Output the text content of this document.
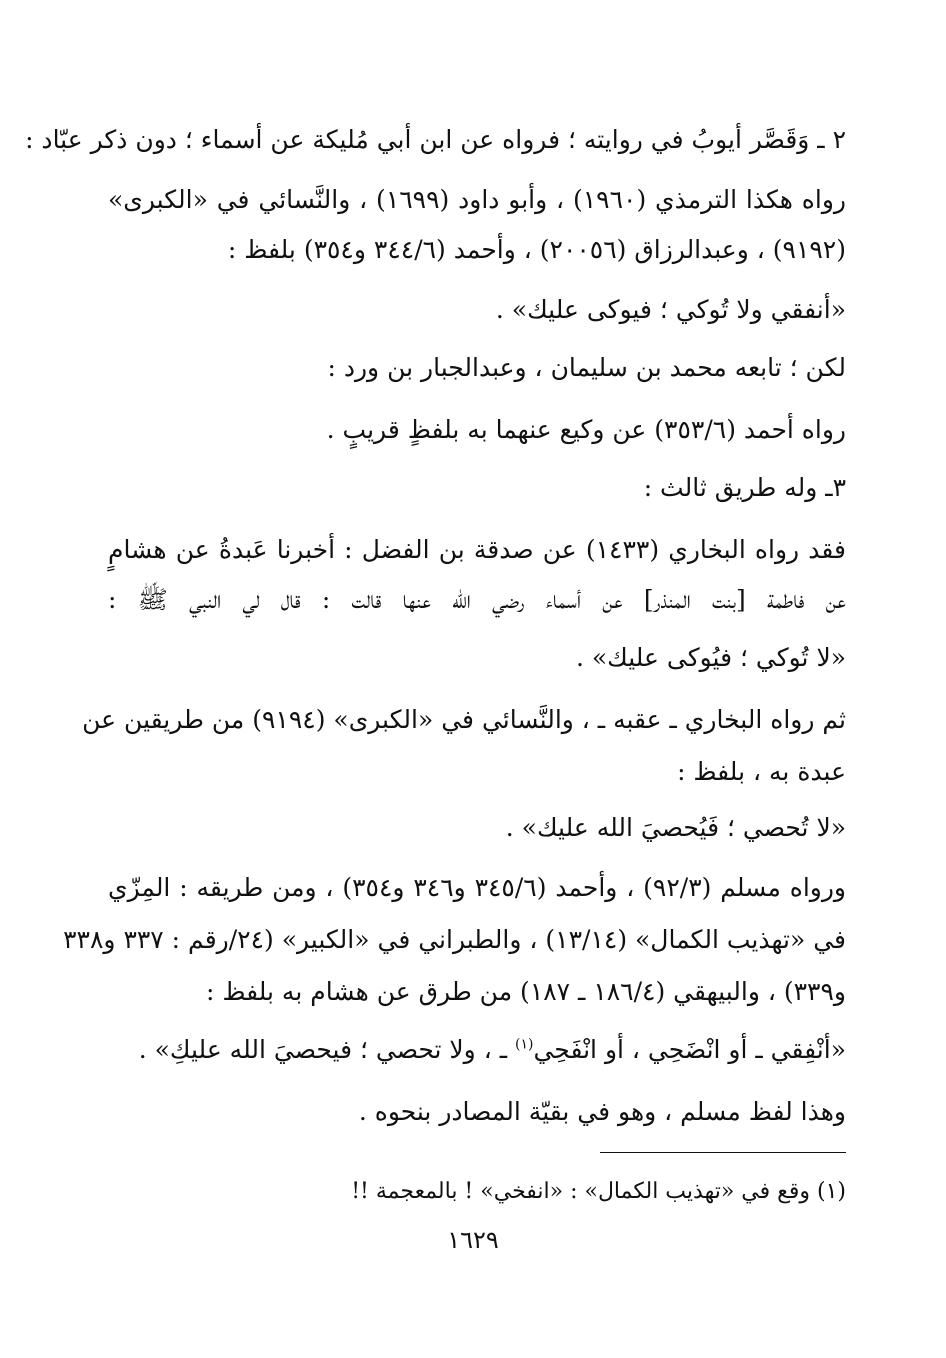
٢ ـ وَقَصَّر أيوبُ في روايته ؛ فرواه عن ابن أبي مُليكة عن أسماء ؛ دون ذكر عبّاد :
رواه هكذا الترمذي (١٩٦٠) ، وأبو داود (١٦٩٩) ، والنَّسائي في «الكبرى»
(٩١٩٢) ، وعبدالرزاق (٢٠٠٥٦) ، وأحمد (٣٤٤/٦ و٣٥٤) بلفظ :
«أنفقي ولا تُوكي ؛ فيوكى عليك» .
لكن ؛ تابعه محمد بن سليمان ، وعبدالجبار بن ورد :
رواه أحمد (٣٥٣/٦) عن وكيع عنهما به بلفظٍ قريبٍ .
٣ـ وله طريق ثالث :
فقد رواه البخاري (١٤٣٣) عن صدقة بن الفضل : أخبرنا عَبدةُ عن هشامٍ
عن فاطمة [بنت المنذر] عن أسماء رضي الله عنها قالت : قال لي النبي ﷺ :
«لا تُوكي ؛ فيُوكى عليك» .
ثم رواه البخاري ـ عقبه ـ ، والنَّسائي في «الكبرى» (٩١٩٤) من طريقين عن
عبدة به ، بلفظ :
«لا تُحصي ؛ فَيُحصيَ الله عليك» .
ورواه مسلم (٩٢/٣) ، وأحمد (٣٤٥/٦ و٣٤٦ و٣٥٤) ، ومن طريقه : المِزّي
في «تهذيب الكمال» (١٣/١٤) ، والطبراني في «الكبير» (٢٤/رقم : ٣٣٧ و٣٣٨
و٣٣٩) ، والبيهقي (١٨٦/٤ ـ ١٨٧) من طرق عن هشام به بلفظ :
«أنْفِقي ـ أو انْضَحِي ، أو انْفَحِي$^{(١)}$ ـ ، ولا تحصي ؛ فيحصيَ الله عليكِ» .
وهذا لفظ مسلم ، وهو في بقيّة المصادر بنحوه .
(١) وقع في «تهذيب الكمال» : «انفخي» ! بالمعجمة !!
١٦٢٩
